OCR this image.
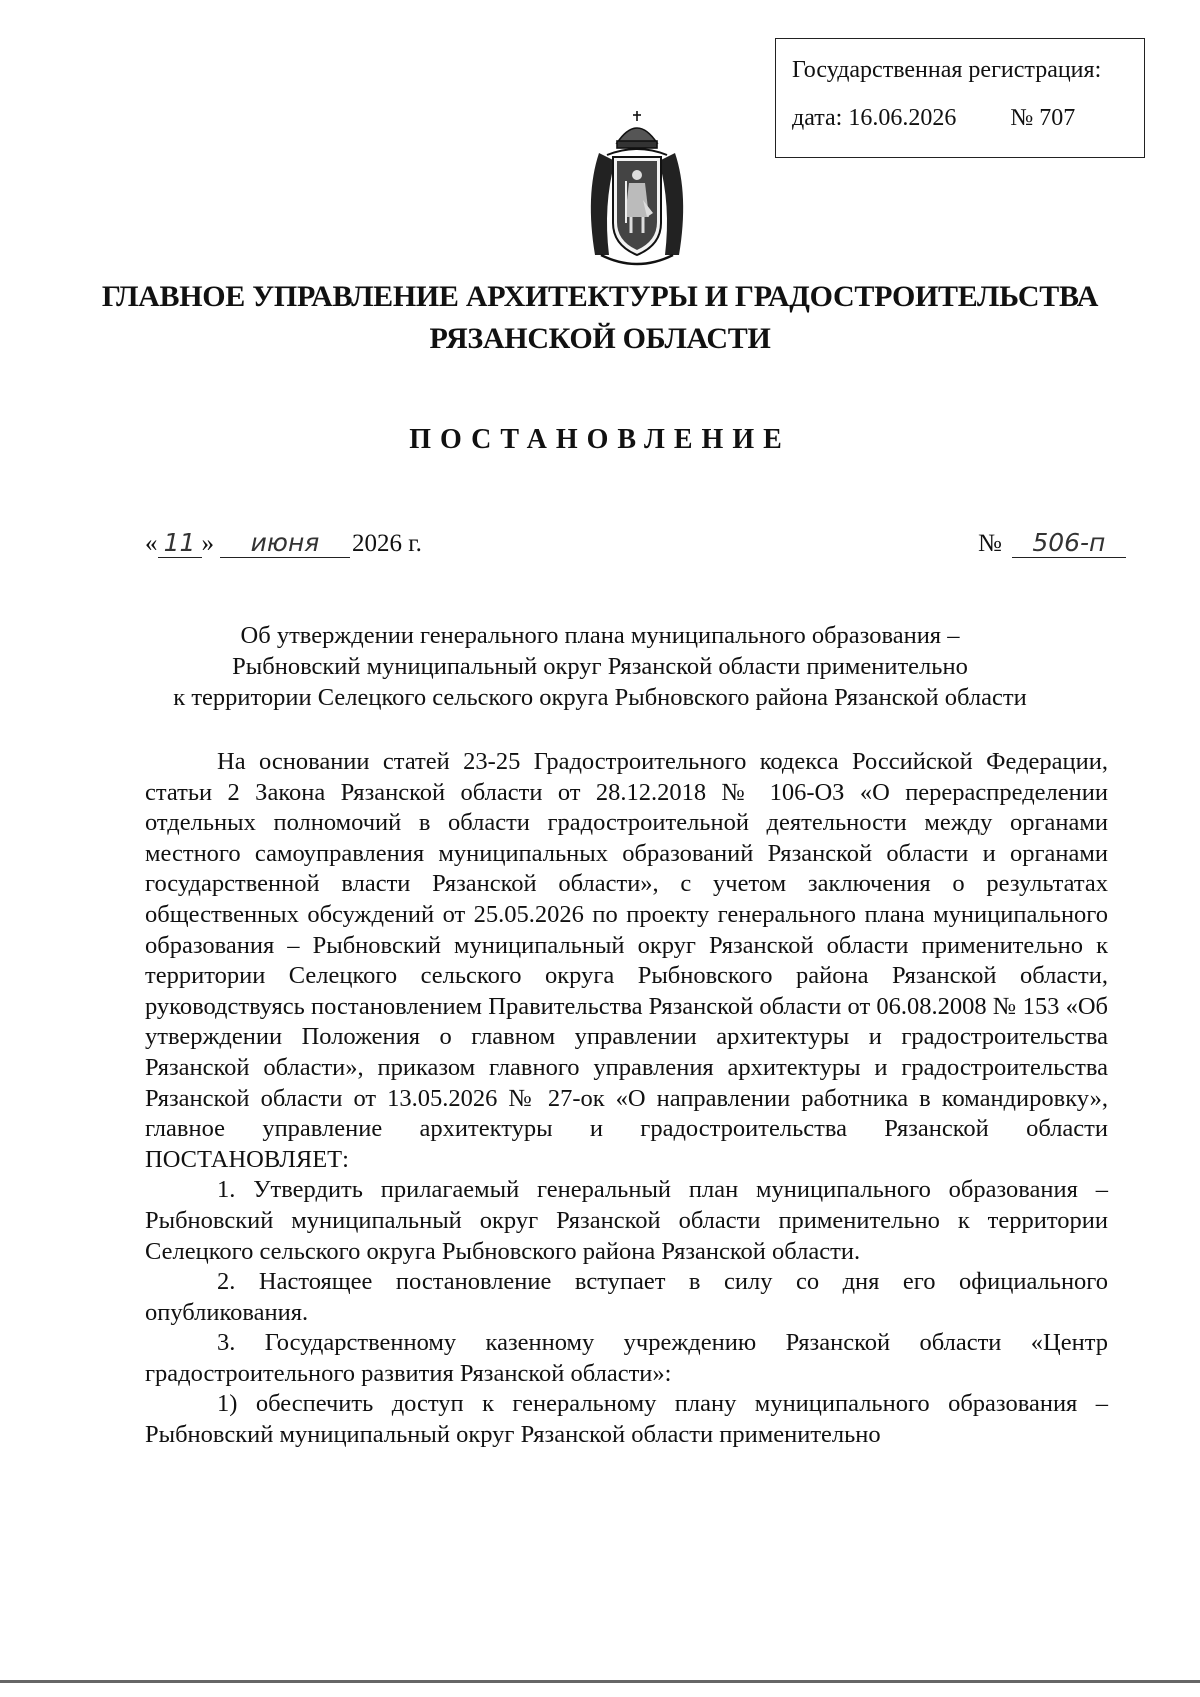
Государственная регистрация:
дата: 16.06.2026 № 707
ГЛАВНОЕ УПРАВЛЕНИЕ АРХИТЕКТУРЫ И ГРАДОСТРОИТЕЛЬСТВА
РЯЗАНСКОЙ ОБЛАСТИ
ПОСТАНОВЛЕНИЕ
« 11 »	июня	2026 г.	№	506-п
Об утверждении генерального плана муниципального образования –
Рыбновский муниципальный округ Рязанской области применительно
к территории Селецкого сельского округа Рыбновского района Рязанской области

На основании статей 23-25 Градостроительного кодекса Российской Федерации, статьи 2 Закона Рязанской области от 28.12.2018 № 106-ОЗ «О перераспределении отдельных полномочий в области градостроительной деятельности между органами местного самоуправления муниципальных образований Рязанской области и органами государственной власти Рязанской области», с учетом заключения о результатах общественных обсуждений от 25.05.2026 по проекту генерального плана муниципального образования – Рыбновский муниципальный округ Рязанской области применительно к территории Селецкого сельского округа Рыбновского района Рязанской области, руководствуясь постановлением Правительства Рязанской области от 06.08.2008 № 153 «Об утверждении Положения о главном управлении архитектуры и градостроительства Рязанской области», приказом главного управления архитектуры и градостроительства Рязанской области от 13.05.2026 № 27-ок «О направлении работника в командировку», главное управление архитектуры и градостроительства Рязанской области ПОСТАНОВЛЯЕТ:

1. Утвердить прилагаемый генеральный план муниципального образования – Рыбновский муниципальный округ Рязанской области применительно к территории Селецкого сельского округа Рыбновского района Рязанской области.

2. Настоящее постановление вступает в силу со дня его официального опубликования.

3. Государственному казенному учреждению Рязанской области «Центр градостроительного развития Рязанской области»:

1) обеспечить доступ к генеральному плану муниципального образования – Рыбновский муниципальный округ Рязанской области применительно
